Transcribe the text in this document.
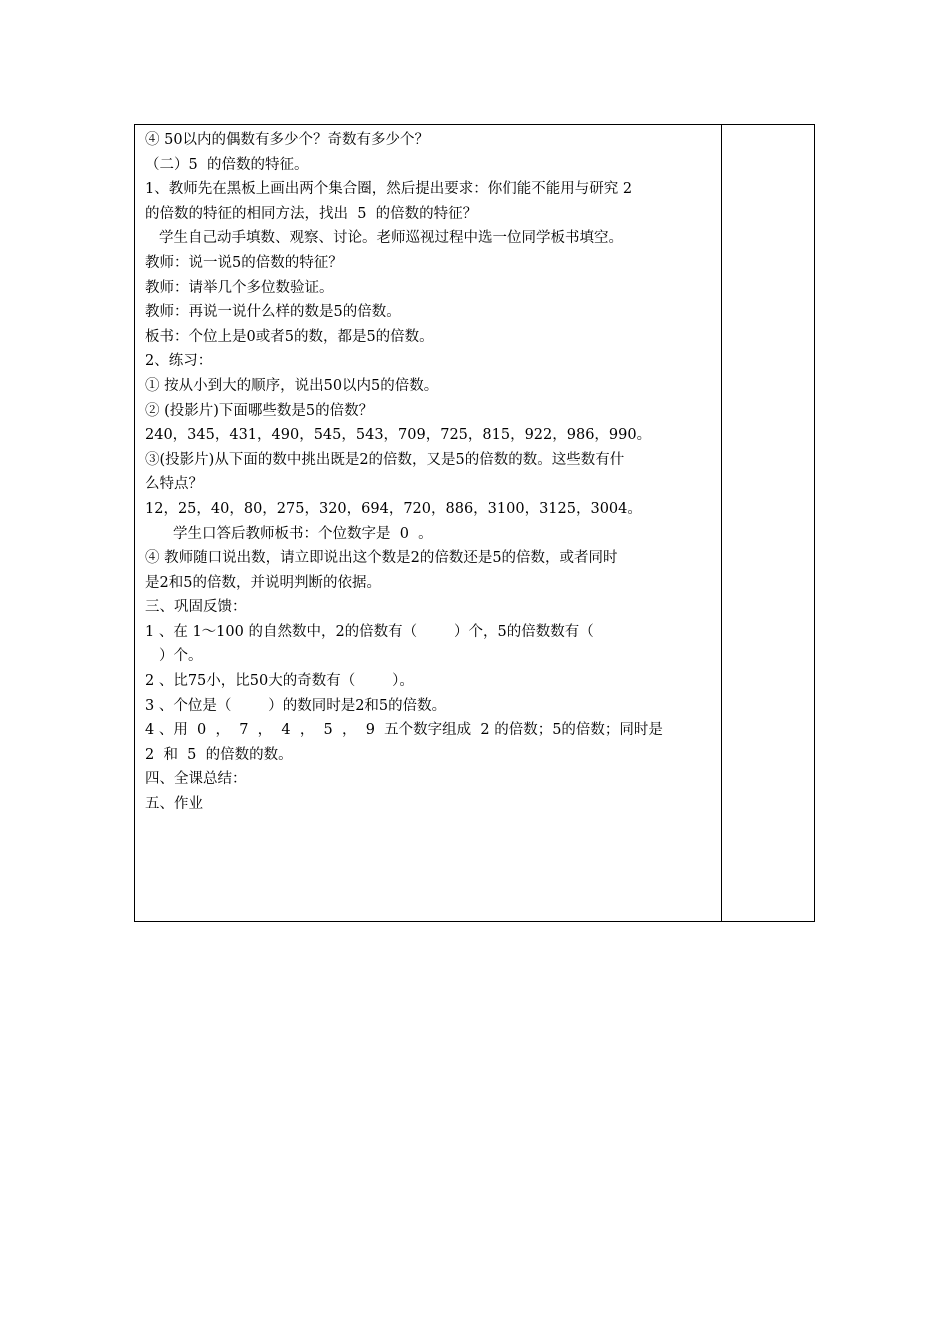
④ 50以内的偶数有多少个？奇数有多少个？
（二）5  的倍数的特征。
1、教师先在黑板上画出两个集合圈，然后提出要求：你们能不能用与研究 2
的倍数的特征的相同方法，找出  5  的倍数的特征？
学生自己动手填数、观察、讨论。老师巡视过程中选一位同学板书填空。
教师：说一说5的倍数的特征？
教师：请举几个多位数验证。
教师：再说一说什么样的数是5的倍数。
板书：个位上是0或者5的数，都是5的倍数。
2、练习：
① 按从小到大的顺序，说出50以内5的倍数。
② (投影片)下面哪些数是5的倍数？
240，345，431，490，545，543，709，725，815，922，986，990。
③(投影片)从下面的数中挑出既是2的倍数，又是5的倍数的数。这些数有什
么特点？
12，25，40，80，275，320，694，720，886，3100，3125，3004。
学生口答后教师板书：个位数字是  0  。
④ 教师随口说出数，请立即说出这个数是2的倍数还是5的倍数，或者同时
是2和5的倍数，并说明判断的依据。
三、巩固反馈：
1 、在 1～100 的自然数中，2的倍数有（        ）个，5的倍数数有（
）个。
2 、比75小，比50大的奇数有（        ）。
3 、个位是（        ）的数同时是2和5的倍数。
4 、用  0  ，  7  ，  4  ，  5  ，  9  五个数字组成  2 的倍数；5的倍数；同时是
2  和  5  的倍数的数。
四、全课总结：
五、作业
